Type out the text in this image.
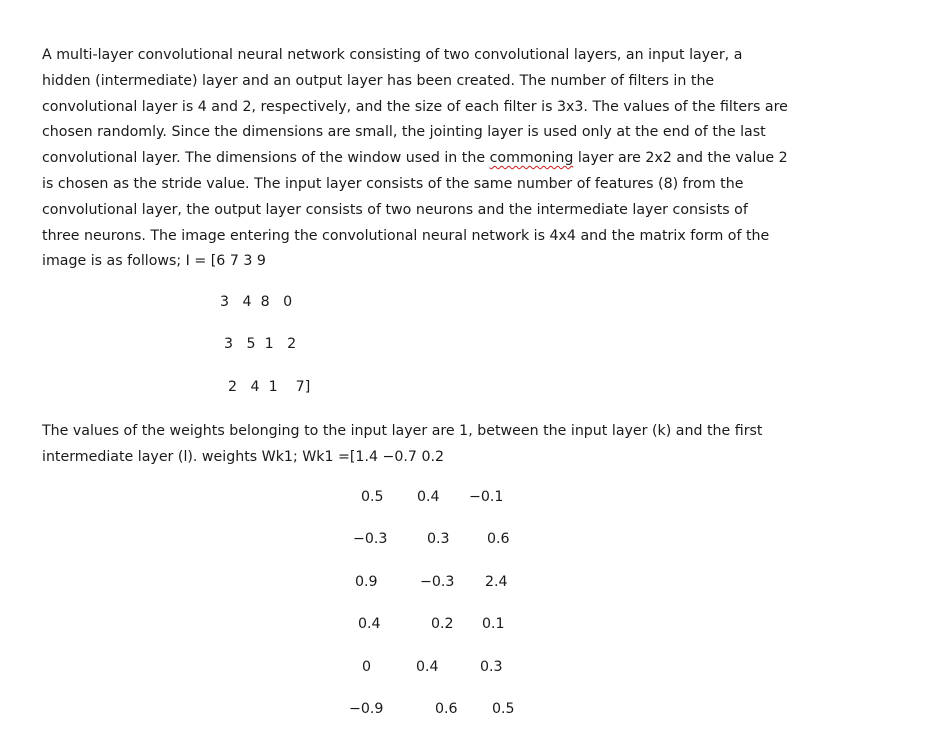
A multi-layer convolutional neural network consisting of two convolutional layers, an input layer, a
hidden (intermediate) layer and an output layer has been created. The number of filters in the
convolutional layer is 4 and 2, respectively, and the size of each filter is 3x3. The values of the filters are
chosen randomly. Since the dimensions are small, the jointing layer is used only at the end of the last
convolutional layer. The dimensions of the window used in the commoning layer are 2x2 and the value 2
is chosen as the stride value. The input layer consists of the same number of features (8) from the
convolutional layer, the output layer consists of two neurons and the intermediate layer consists of
three neurons. The image entering the convolutional neural network is 4x4 and the matrix form of the
image is as follows; I = [6 7 3 9

3   4  8   0
3   5  1   2
2   4  1    7]

The values of the weights belonging to the input layer are 1, between the input layer (k) and the first
intermediate layer (l). weights Wk1; Wk1 =[1.4 −0.7 0.2

0.5 0.4 −0.1
−0.3	0.3	0.6
0.9	−0.3 2.4
0.4	0.2 0.1
0	0.4	0.3
−0.9	0.6 0.5
